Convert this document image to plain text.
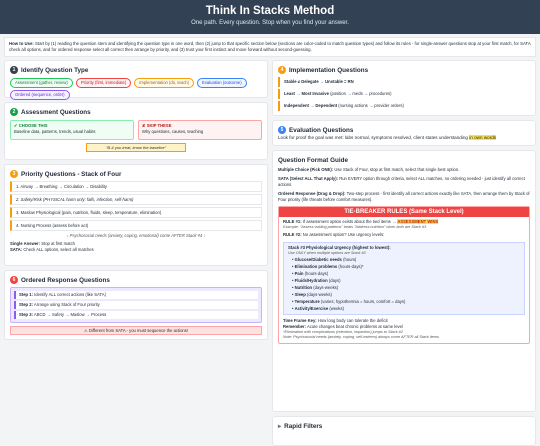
Think In Stacks Method

One path. Every question. Stop when you find your answer.

How to Use: Start by (1) reading the question stem and identifying the question type in one word, then (2) jump to that specific section below (sections are color-coded to match question types) and follow its rules - for single-answer questions stop at your first match, for SATA check all options, and for ordered response select all correct then arrange by priority, and (3) trust your first instinct and move forward without second-guessing.
1 Identify Question Type
Assessment (gather, review)	Priority (first, immediate)	Implementation (do, teach)	Evaluation (outcome)
Ordered (sequence, order)
2 Assessment Questions
✔ CHOOSE THIS
Baseline data, patterns, trends, usual habits
✘ SKIP THESE
Why questions, causes, teaching
"B-4 you treat, know the baseline"
3 Priority Questions - Stack of Four
1. Airway → Breathing → Circulation → Disability
2. Safety/Risk (PHYSICAL harm only: falls, infection, self-harm)
3. Maslow Physiological (pain, nutrition, fluids, sleep, temperature, elimination)
4. Nursing Process (assess before act)
↓ Psychosocial needs (anxiety, coping, emotional) come AFTER Stack #4 ↓
Single Answer: Stop at first match
SATA: Check ALL options, select all matches
6 Ordered Response Questions
Step 1: Identify ALL correct actions (like SATA)
Step 2: Arrange using Stack of Four priority
Step 3: ABCD → Safety → Maslow → Process
⚠ Different from SATA - you must sequence the actions!
4 Implementation Questions
Stable ≠ Delegate → Unstable = RN
Least → Most Invasive (position → meds → procedures)
Independent → Dependent (nursing actions → provider orders)
5 Evaluation Questions
Look for proof the goal was met: labs normal, symptoms resolved, client states understanding in own words
Question Format Guide
Multiple Choice (Pick ONE): Use Stack of Four, stop at first match, select that single best option.
SATA (Select ALL That Apply): Run EVERY option through criteria, select ALL matches, no ordering needed - just identify all correct actions.
Ordered Response (Drag & Drop): Two-step process - first identify all correct actions exactly like SATA, then arrange them by Stack of Four priority (life threats before comfort measures).
TIE-BREAKER RULES (Same Stack Level)
RULE #1: If assessment option exists about the tied items → ASSESSMENT WINS
Example: "Assess voiding patterns" beats "Address nutrition" when both are Stack #3
RULE #2: No assessment option? Use urgency levels:
Stack #3 Physiological Urgency (highest to lowest):
Use ONLY when multiple options are Stack #3
• Glucose/Diabetic needs (hours)
• Elimination problems (hours-days)*
• Pain (hours-days)
• Fluids/Hydration (days)
• Nutrition (days-weeks)
• Sleep (days-weeks)
• Temperature (varies; hypothermia = hours, comfort = days)
• Activity/Exercise (weeks)
Time Frame Key: How long body can tolerate the deficit
Remember: Acute changes beat chronic problems at same level
*Elimination with complications (retention, impaction) jumps to Stack #2
Note: Psychosocial needs (anxiety, coping, self-esteem) always come AFTER all Stack items
▸ Rapid Filters
